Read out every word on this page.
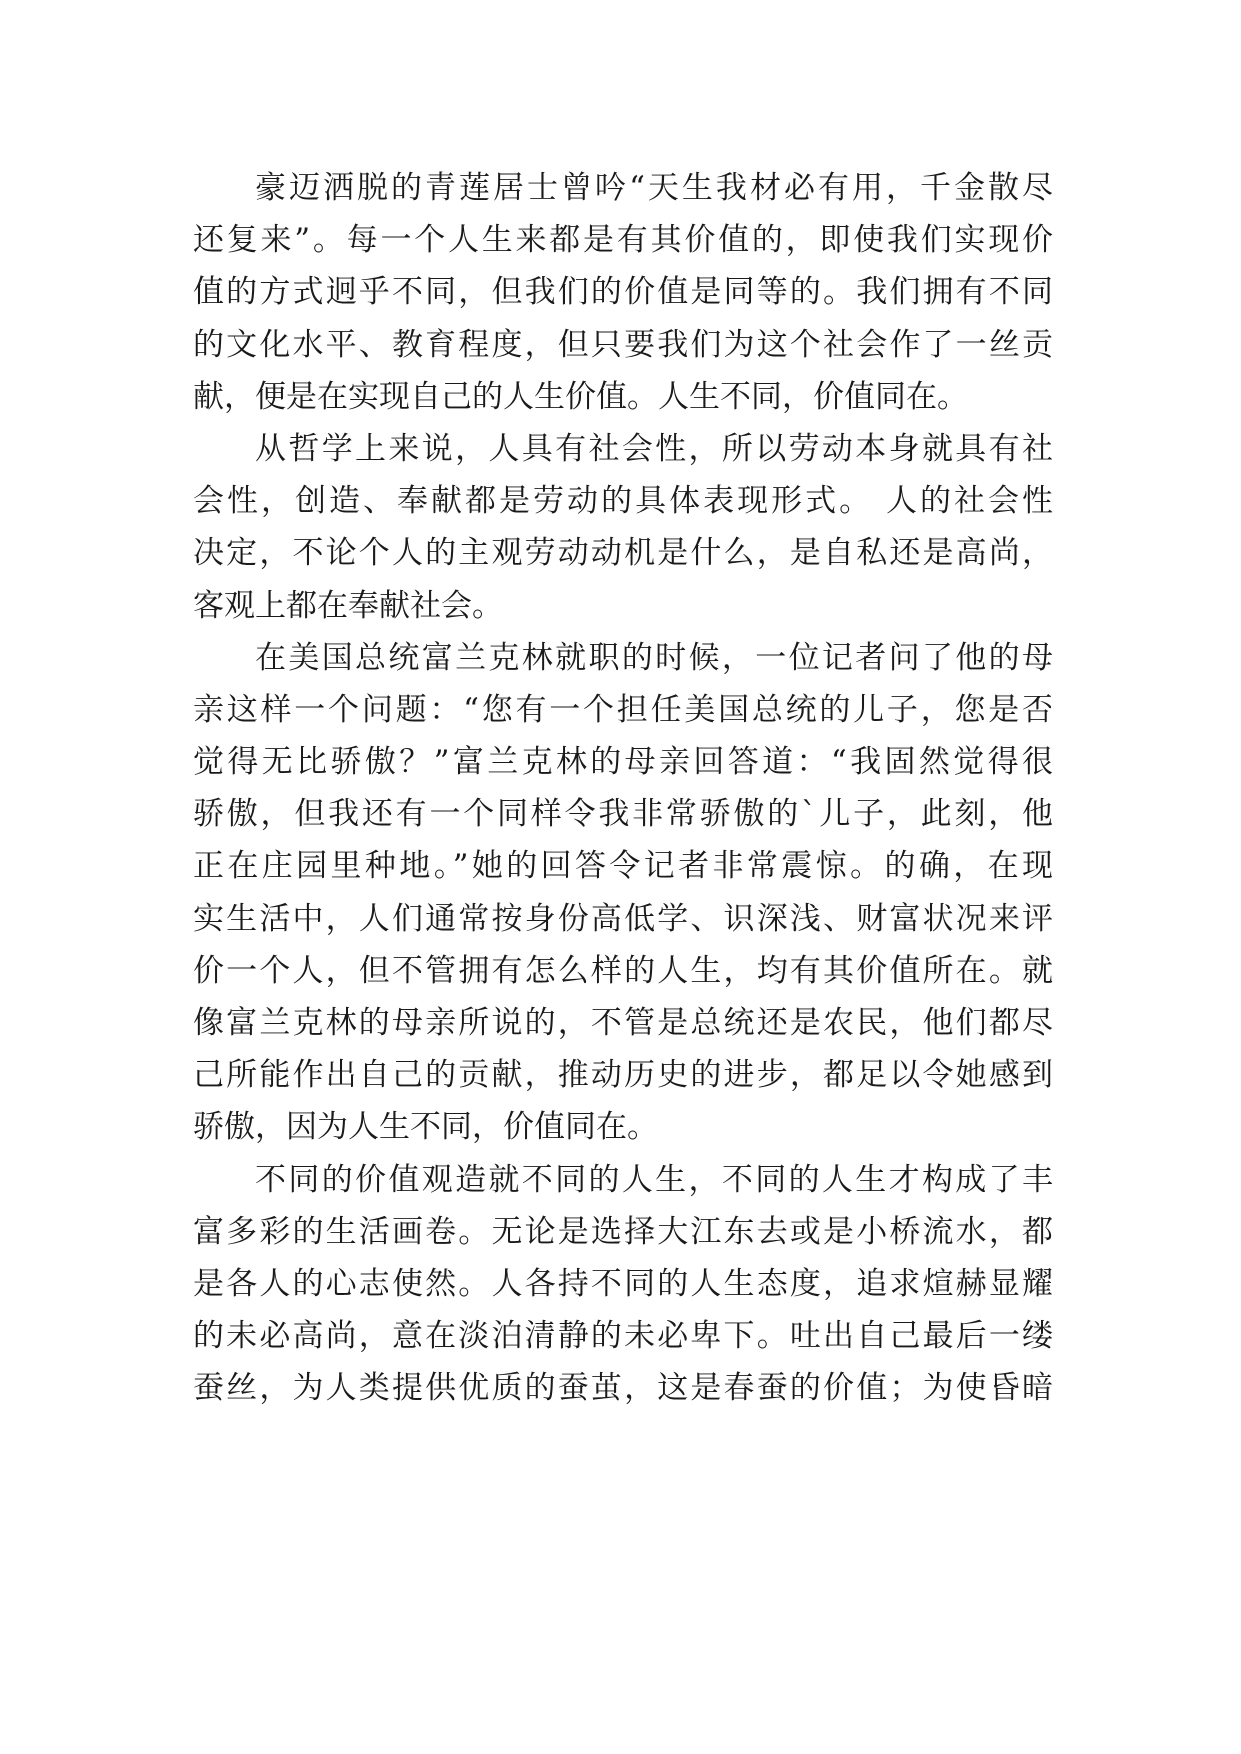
豪迈洒脱的青莲居士曾吟“天生我材必有用，千金散尽
还复来”。每一个人生来都是有其价值的，即使我们实现价
值的方式迥乎不同，但我们的价值是同等的。我们拥有不同
的文化水平、教育程度，但只要我们为这个社会作了一丝贡
献，便是在实现自己的人生价值。人生不同，价值同在。
从哲学上来说，人具有社会性，所以劳动本身就具有社
会性，创造、奉献都是劳动的具体表现形式。 人的社会性
决定，不论个人的主观劳动动机是什么，是自私还是高尚，
客观上都在奉献社会。
在美国总统富兰克林就职的时候，一位记者问了他的母
亲这样一个问题：“您有一个担任美国总统的儿子，您是否
觉得无比骄傲？”富兰克林的母亲回答道：“我固然觉得很
骄傲，但我还有一个同样令我非常骄傲的`儿子，此刻，他
正在庄园里种地。”她的回答令记者非常震惊。的确，在现
实生活中，人们通常按身份高低学、识深浅、财富状况来评
价一个人，但不管拥有怎么样的人生，均有其价值所在。就
像富兰克林的母亲所说的，不管是总统还是农民，他们都尽
己所能作出自己的贡献，推动历史的进步，都足以令她感到
骄傲，因为人生不同，价值同在。
不同的价值观造就不同的人生，不同的人生才构成了丰
富多彩的生活画卷。无论是选择大江东去或是小桥流水，都
是各人的心志使然。人各持不同的人生态度，追求煊赫显耀
的未必高尚，意在淡泊清静的未必卑下。吐出自己最后一缕
蚕丝，为人类提供优质的蚕茧，这是春蚕的价值；为使昏暗
